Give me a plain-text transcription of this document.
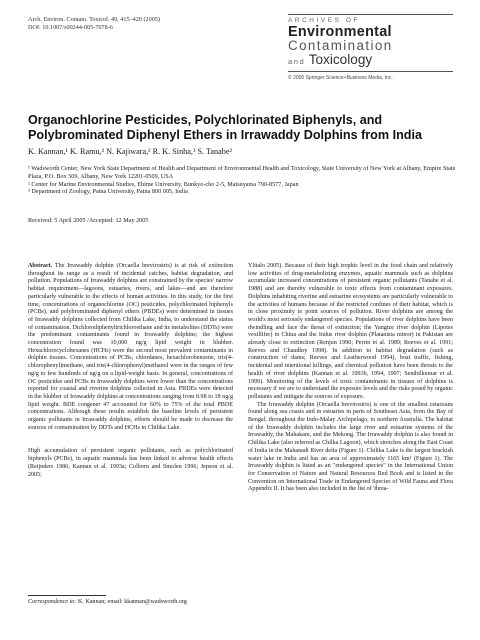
Arch. Environ. Contam. Toxicol. 49, 415–420 (2005)
DOI: 10.1007/s00244-005-7078-6
ARCHIVES OF
Environmental
Contamination
and Toxicology
© 2005 Springer Science+Business Media, Inc.
Organochlorine Pesticides, Polychlorinated Biphenyls, and Polybrominated Diphenyl Ethers in Irrawaddy Dolphins from India
K. Kannan,¹ K. Ramu,² N. Kajiwara,² R. K. Sinha,³ S. Tanabe²

¹ Wadsworth Center, New York State Department of Health and Department of Environmental Health and Toxicology, State University of New York at Albany, Empire State Plaza, P.O. Box 509, Albany, New York 12201-0509, USA

² Center for Marine Environmental Studies, Ehime University, Bunkyo-cho 2-5, Matsuyama 790-8577, Japan

³ Department of Zoology, Patna University, Patna 800 005, India

Received: 5 April 2005 /Accepted: 12 May 2005

Abstract. The Irrawaddy dolphin (Orcaella brevirostris) is at risk of extinction throughout its range as a result of incidental catches, habitat degradation, and pollution. Populations of Irrawaddy dolphins are constrained by the species' narrow habitat requirement—lagoons, estuaries, rivers, and lakes—and are therefore particularly vulnerable to the effects of human activities. In this study, for the first time, concentrations of organochlorine (OC) pesticides, polychlorinated biphenyls (PCBs), and polybrominated diphenyl ethers (PBDEs) were determined in tissues of Irrawaddy dolphins collected from Chilika Lake, India, to understand the status of contamination. Dichlorodiphenyltrichloroethane and its metabolites (DDTs) were the predominant contaminants found in Irrawaddy dolphins; the highest concentration found was 10,000 ng/g lipid weight in blubber. Hexachlorocyclohexanes (HCHs) were the second most prevalent contaminants in dolphin tissues. Concentrations of PCBs, chlordanes, hexachlorobenzene, tris(4-chlorophenyl)methane, and tris(4-chlorophenyl)methanol were in the ranges of few ng/g to few hundreds of ng/g on a lipid-weight basis. In general, concentrations of OC pesticides and PCBs in Irrawaddy dolphins were lower than the concentrations reported for coastal and riverine dolphins collected in Asia. PBDEs were detected in the blubber of Irrawaddy dolphins at concentrations ranging from 0.98 to 18 ng/g lipid weight. BDE congener 47 accounted for 60% to 75% of the total PBDE concentrations. Although these results establish the baseline levels of persistent organic pollutants in Irrawaddy dolphins, efforts should be made to decrease the sources of contamination by DDTs and HCHs in Chilika Lake.

High accumulation of persistent organic pollutants, such as polychlorinated biphenyls (PCBs), in aquatic mammals has been linked to adverse health effects (Reijnders 1986; Kannan et al. 1993a; Colborn and Smolen 1996; Jepson et al. 2005;

Ylitalo 2005). Because of their high trophic level in the food chain and relatively low activities of drug-metabolizing enzymes, aquatic mammals such as dolphins accumulate increased concentrations of persistent organic pollutants (Tanabe et al. 1988) and are thereby vulnerable to toxic effects from contaminant exposures. Dolphins inhabiting riverine and estuarine ecosystems are particularly vulnerable to the activities of humans because of the restricted confines of their habitat, which is in close proximity to point sources of pollution. River dolphins are among the world's most seriously endangered species. Populations of river dolphins have been dwindling and face the threat of extinction; the Yangtze river dolphin (Lipotes vexillifer) in China and the Indus river dolphin (Platanista minor) in Pakistan are already close to extinction (Renjun 1990; Perrin et al. 1989; Reeves et al. 1991; Reeves and Chaudhry 1998). In addition to habitat degradation (such as construction of dams; Reeves and Leatherwood 1994), boat traffic, fishing, incidental and intentional killings, and chemical pollution have been threats to the health of river dolphins (Kannan et al. 1993b, 1994, 1997; Senthilkumar et al. 1999). Monitoring of the levels of toxic contaminants in tissues of dolphins is necessary if we are to understand the exposure levels and the risks posed by organic pollutants and mitigate the sources of exposure.

The Irrawaddy dolphin (Orcaella brevirostris) is one of the smallest cetaceans found along sea coasts and in estuaries in parts of Southeast Asia, from the Bay of Bengal, throughout the Indo-Malay Archipelago, to northern Australia. The habitat of the Irrawaddy dolphin includes the large river and estuarine systems of the Irrawaddy, the Mahakam, and the Mekong. The Irrawaddy dolphin is also found in Chilika Lake (also referred as Chilka Lagoon), which stretches along the East Coast of India in the Mahanadi River delta (Figure 1). Chilika Lake is the largest brackish water lake in India and has an area of approximately 1165 km² (Figure 1). The Irrawaddy dolphin is listed as an "endangered species" in the International Union for Conservation of Nature and Natural Resources Red Book and is listed in the Convention on International Trade in Endangered Species of Wild Fauna and Flora Appendix II. It has been also included in the list of 'threa-

Correspondence to: K. Kannan; email: kkannan@wadsworth.org
